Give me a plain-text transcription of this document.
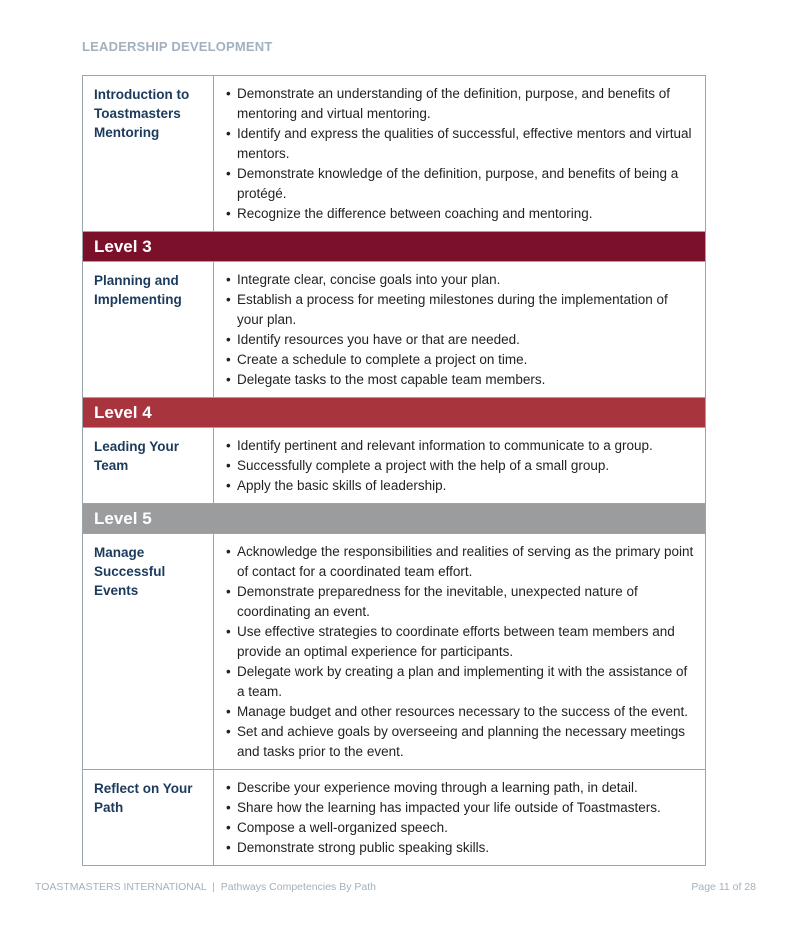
LEADERSHIP DEVELOPMENT
Introduction to Toastmasters Mentoring
• Demonstrate an understanding of the definition, purpose, and benefits of mentoring and virtual mentoring.
• Identify and express the qualities of successful, effective mentors and virtual mentors.
• Demonstrate knowledge of the definition, purpose, and benefits of being a protégé.
• Recognize the difference between coaching and mentoring.
Level 3
Planning and Implementing
• Integrate clear, concise goals into your plan.
• Establish a process for meeting milestones during the implementation of your plan.
• Identify resources you have or that are needed.
• Create a schedule to complete a project on time.
• Delegate tasks to the most capable team members.
Level 4
Leading Your Team
• Identify pertinent and relevant information to communicate to a group.
• Successfully complete a project with the help of a small group.
• Apply the basic skills of leadership.
Level 5
Manage Successful Events
• Acknowledge the responsibilities and realities of serving as the primary point of contact for a coordinated team effort.
• Demonstrate preparedness for the inevitable, unexpected nature of coordinating an event.
• Use effective strategies to coordinate efforts between team members and provide an optimal experience for participants.
• Delegate work by creating a plan and implementing it with the assistance of a team.
• Manage budget and other resources necessary to the success of the event.
• Set and achieve goals by overseeing and planning the necessary meetings and tasks prior to the event.
Reflect on Your Path
• Describe your experience moving through a learning path, in detail.
• Share how the learning has impacted your life outside of Toastmasters.
• Compose a well-organized speech.
• Demonstrate strong public speaking skills.
TOASTMASTERS INTERNATIONAL  |  Pathways Competencies By Path	Page 11 of 28
